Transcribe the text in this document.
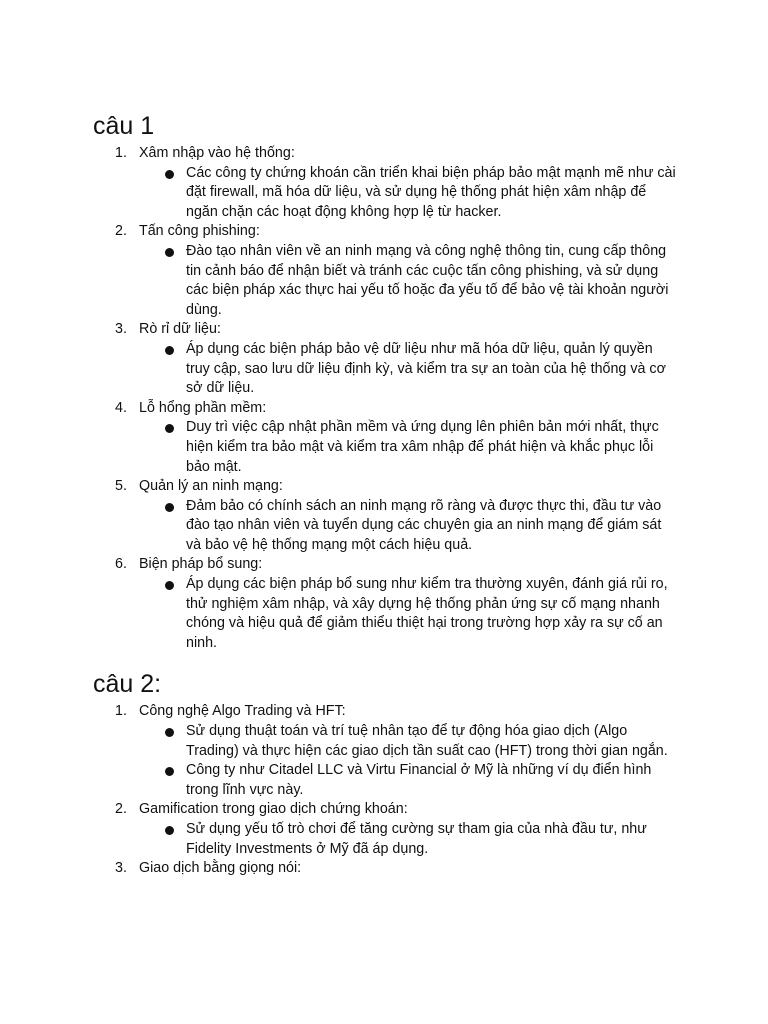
câu 1
1. Xâm nhập vào hệ thống:
Các công ty chứng khoán cần triển khai biện pháp bảo mật mạnh mẽ như cài đặt firewall, mã hóa dữ liệu, và sử dụng hệ thống phát hiện xâm nhập để ngăn chặn các hoạt động không hợp lệ từ hacker.
2. Tấn công phishing:
Đào tạo nhân viên về an ninh mạng và công nghệ thông tin, cung cấp thông tin cảnh báo để nhận biết và tránh các cuộc tấn công phishing, và sử dụng các biện pháp xác thực hai yếu tố hoặc đa yếu tố để bảo vệ tài khoản người dùng.
3. Rò rỉ dữ liệu:
Áp dụng các biện pháp bảo vệ dữ liệu như mã hóa dữ liệu, quản lý quyền truy cập, sao lưu dữ liệu định kỳ, và kiểm tra sự an toàn của hệ thống và cơ sở dữ liệu.
4. Lỗ hổng phần mềm:
Duy trì việc cập nhật phần mềm và ứng dụng lên phiên bản mới nhất, thực hiện kiểm tra bảo mật và kiểm tra xâm nhập để phát hiện và khắc phục lỗi bảo mật.
5. Quản lý an ninh mạng:
Đảm bảo có chính sách an ninh mạng rõ ràng và được thực thi, đầu tư vào đào tạo nhân viên và tuyển dụng các chuyên gia an ninh mạng để giám sát và bảo vệ hệ thống mạng một cách hiệu quả.
6. Biện pháp bổ sung:
Áp dụng các biện pháp bổ sung như kiểm tra thường xuyên, đánh giá rủi ro, thử nghiệm xâm nhập, và xây dựng hệ thống phản ứng sự cố mạng nhanh chóng và hiệu quả để giảm thiểu thiệt hại trong trường hợp xảy ra sự cố an ninh.
câu 2:
1. Công nghệ Algo Trading và HFT:
Sử dụng thuật toán và trí tuệ nhân tạo để tự động hóa giao dịch (Algo Trading) và thực hiện các giao dịch tần suất cao (HFT) trong thời gian ngắn.
Công ty như Citadel LLC và Virtu Financial ở Mỹ là những ví dụ điển hình trong lĩnh vực này.
2. Gamification trong giao dịch chứng khoán:
Sử dụng yếu tố trò chơi để tăng cường sự tham gia của nhà đầu tư, như Fidelity Investments ở Mỹ đã áp dụng.
3. Giao dịch bằng giọng nói:
